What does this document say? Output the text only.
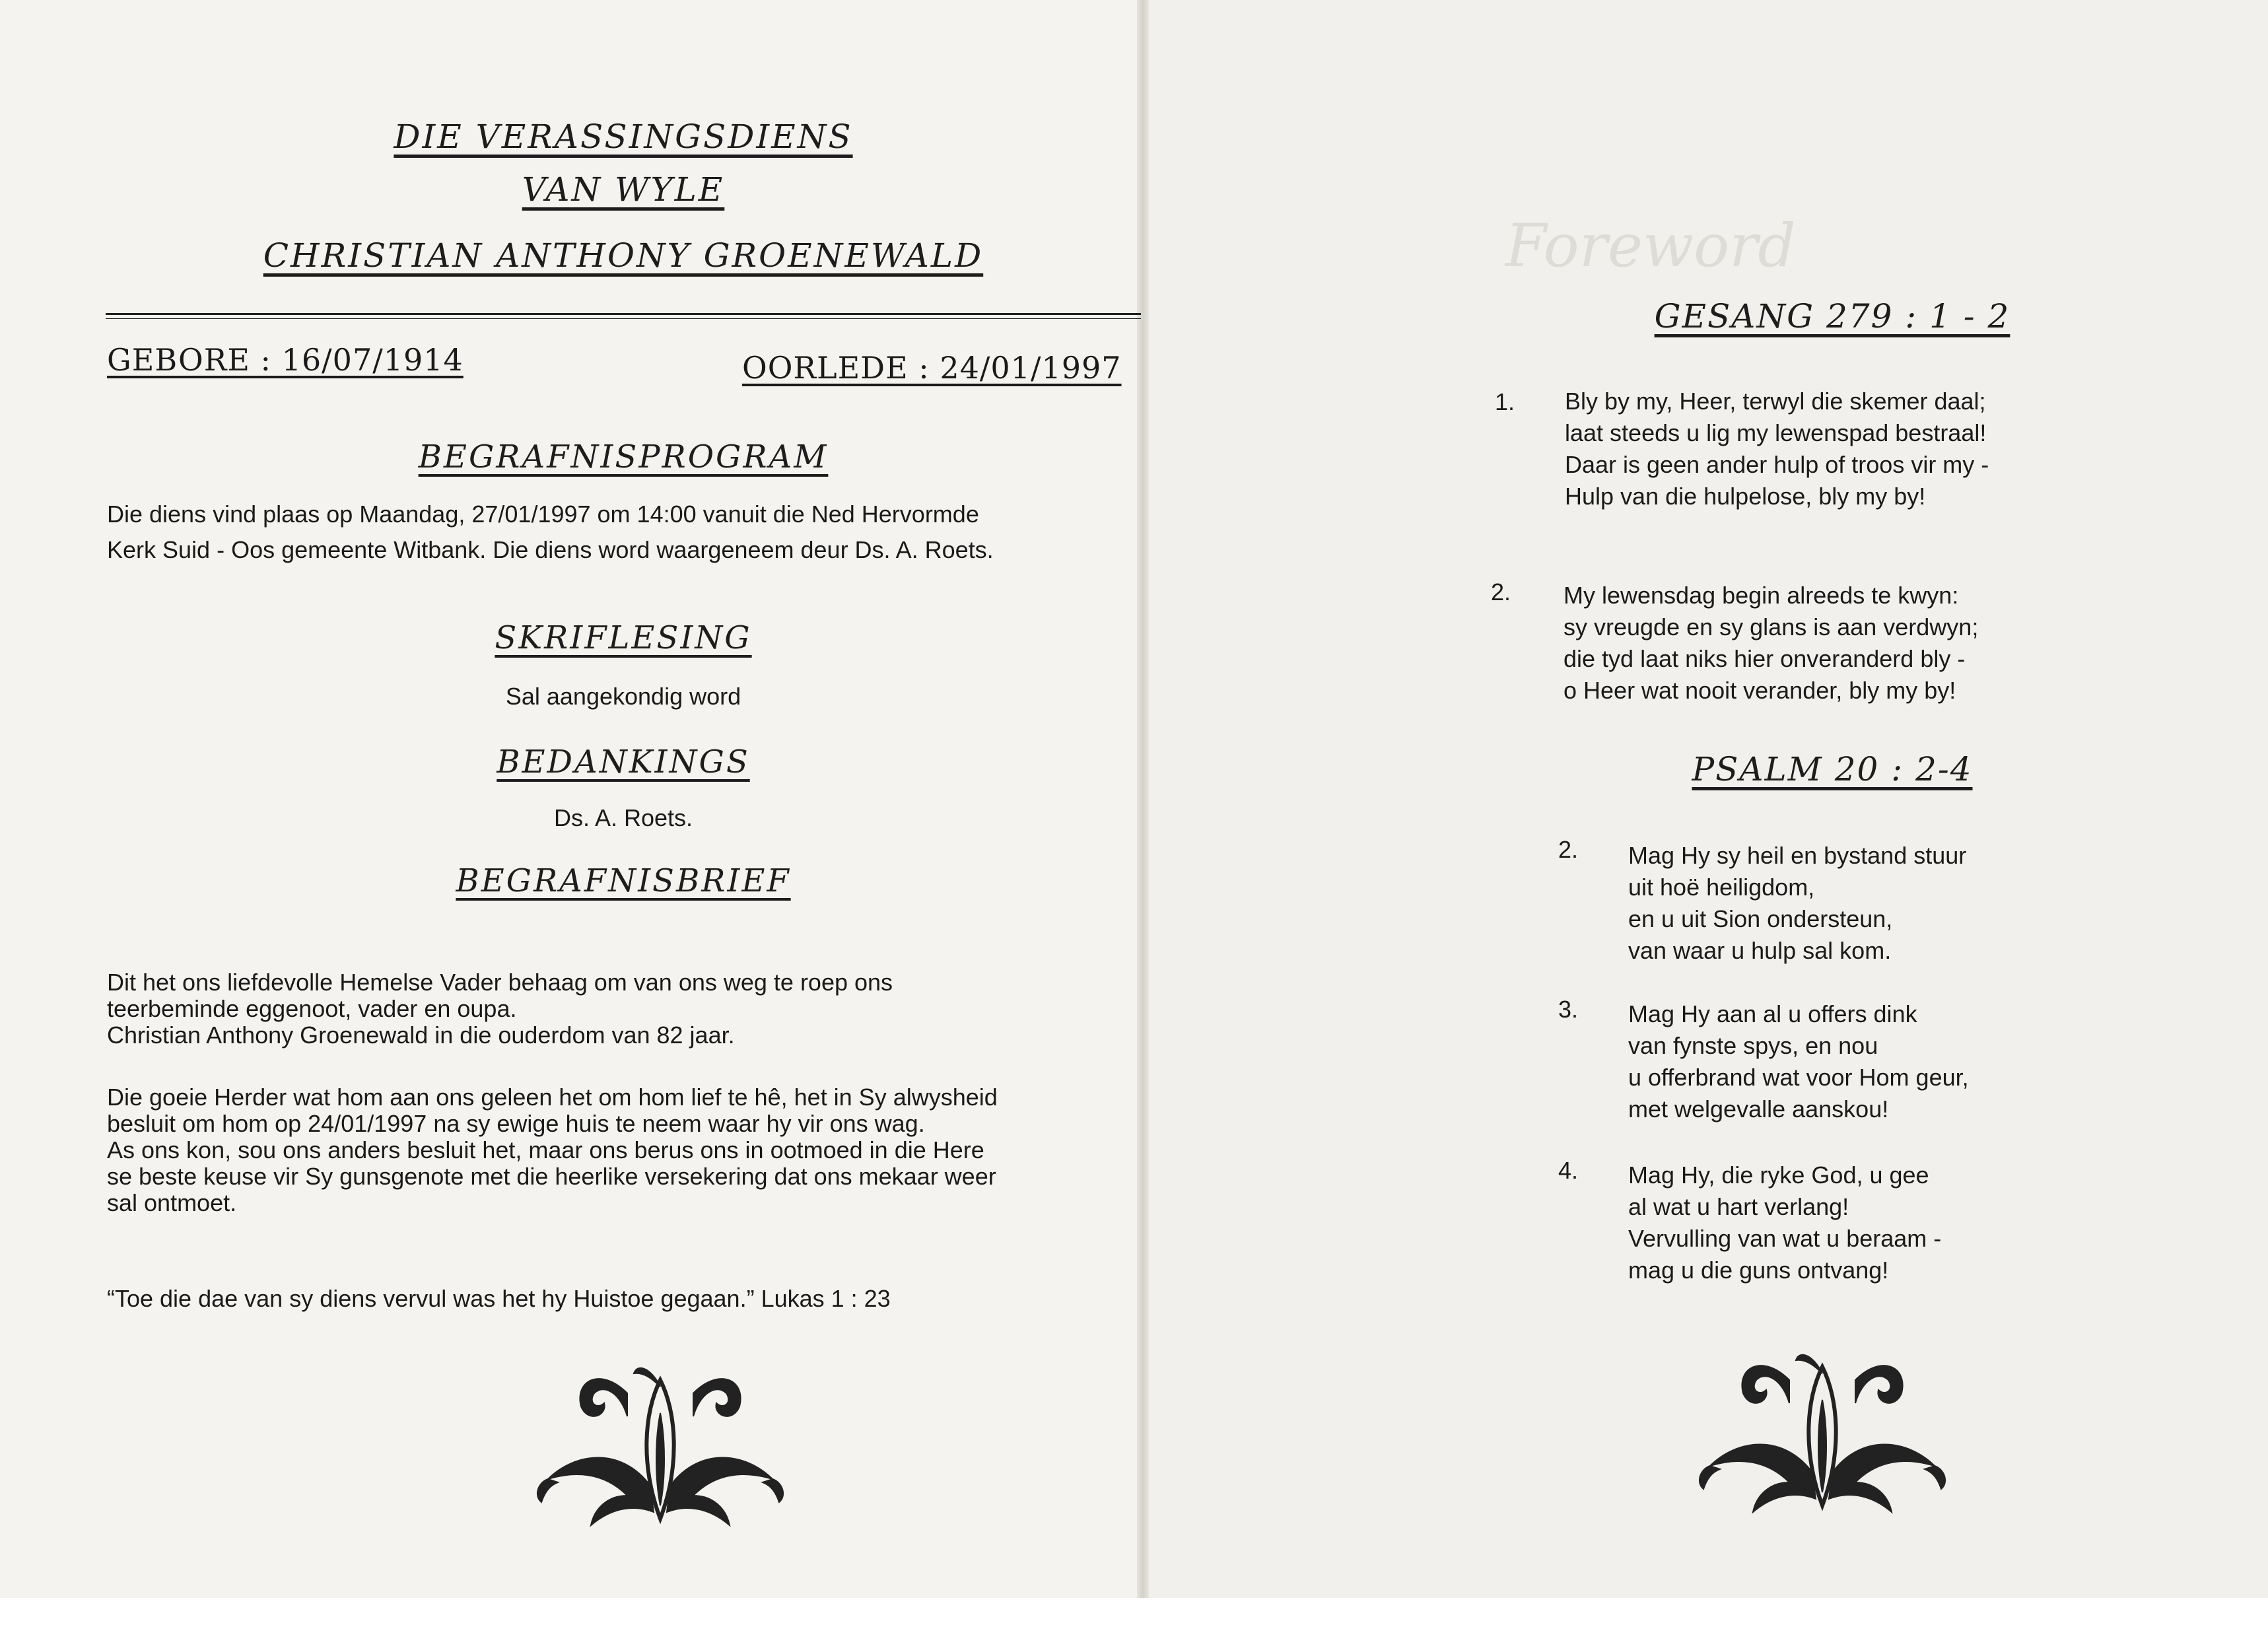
DIE VERASSINGSDIENS
VAN WYLE
CHRISTIAN ANTHONY GROENEWALD
GEBORE : 16/07/1914	OORLEDE : 24/01/1997
BEGRAFNISPROGRAM
Die diens vind plaas op Maandag, 27/01/1997 om 14:00 vanuit die Ned Hervormde
Kerk Suid - Oos gemeente Witbank. Die diens word waargeneem deur Ds. A. Roets.
SKRIFLESING
Sal aangekondig word
BEDANKINGS
Ds. A. Roets.
BEGRAFNISBRIEF
Dit het ons liefdevolle Hemelse Vader behaag om van ons weg te roep ons
teerbeminde eggenoot, vader en oupa.
Christian Anthony Groenewald in die ouderdom van 82 jaar.
Die goeie Herder wat hom aan ons geleen het om hom lief te hê, het in Sy alwysheid
besluit om hom op 24/01/1997 na sy ewige huis te neem waar hy vir ons wag.
As ons kon, sou ons anders besluit het, maar ons berus ons in ootmoed in die Here
se beste keuse vir Sy gunsgenote met die heerlike versekering dat ons mekaar weer
sal ontmoet.
“Toe die dae van sy diens vervul was het hy Huistoe gegaan.” Lukas 1 : 23
Foreword
GESANG 279 : 1 - 2
1. Bly by my, Heer, terwyl die skemer daal;
laat steeds u lig my lewenspad bestraal!
Daar is geen ander hulp of troos vir my -
Hulp van die hulpelose, bly my by!
2. My lewensdag begin alreeds te kwyn:
sy vreugde en sy glans is aan verdwyn;
die tyd laat niks hier onveranderd bly -
o Heer wat nooit verander, bly my by!
PSALM 20 : 2-4
2. Mag Hy sy heil en bystand stuur
uit hoë heiligdom,
en u uit Sion ondersteun,
van waar u hulp sal kom.
3. Mag Hy aan al u offers dink
van fynste spys, en nou
u offerbrand wat voor Hom geur,
met welgevalle aanskou!
4. Mag Hy, die ryke God, u gee
al wat u hart verlang!
Vervulling van wat u beraam -
mag u die guns ontvang!
